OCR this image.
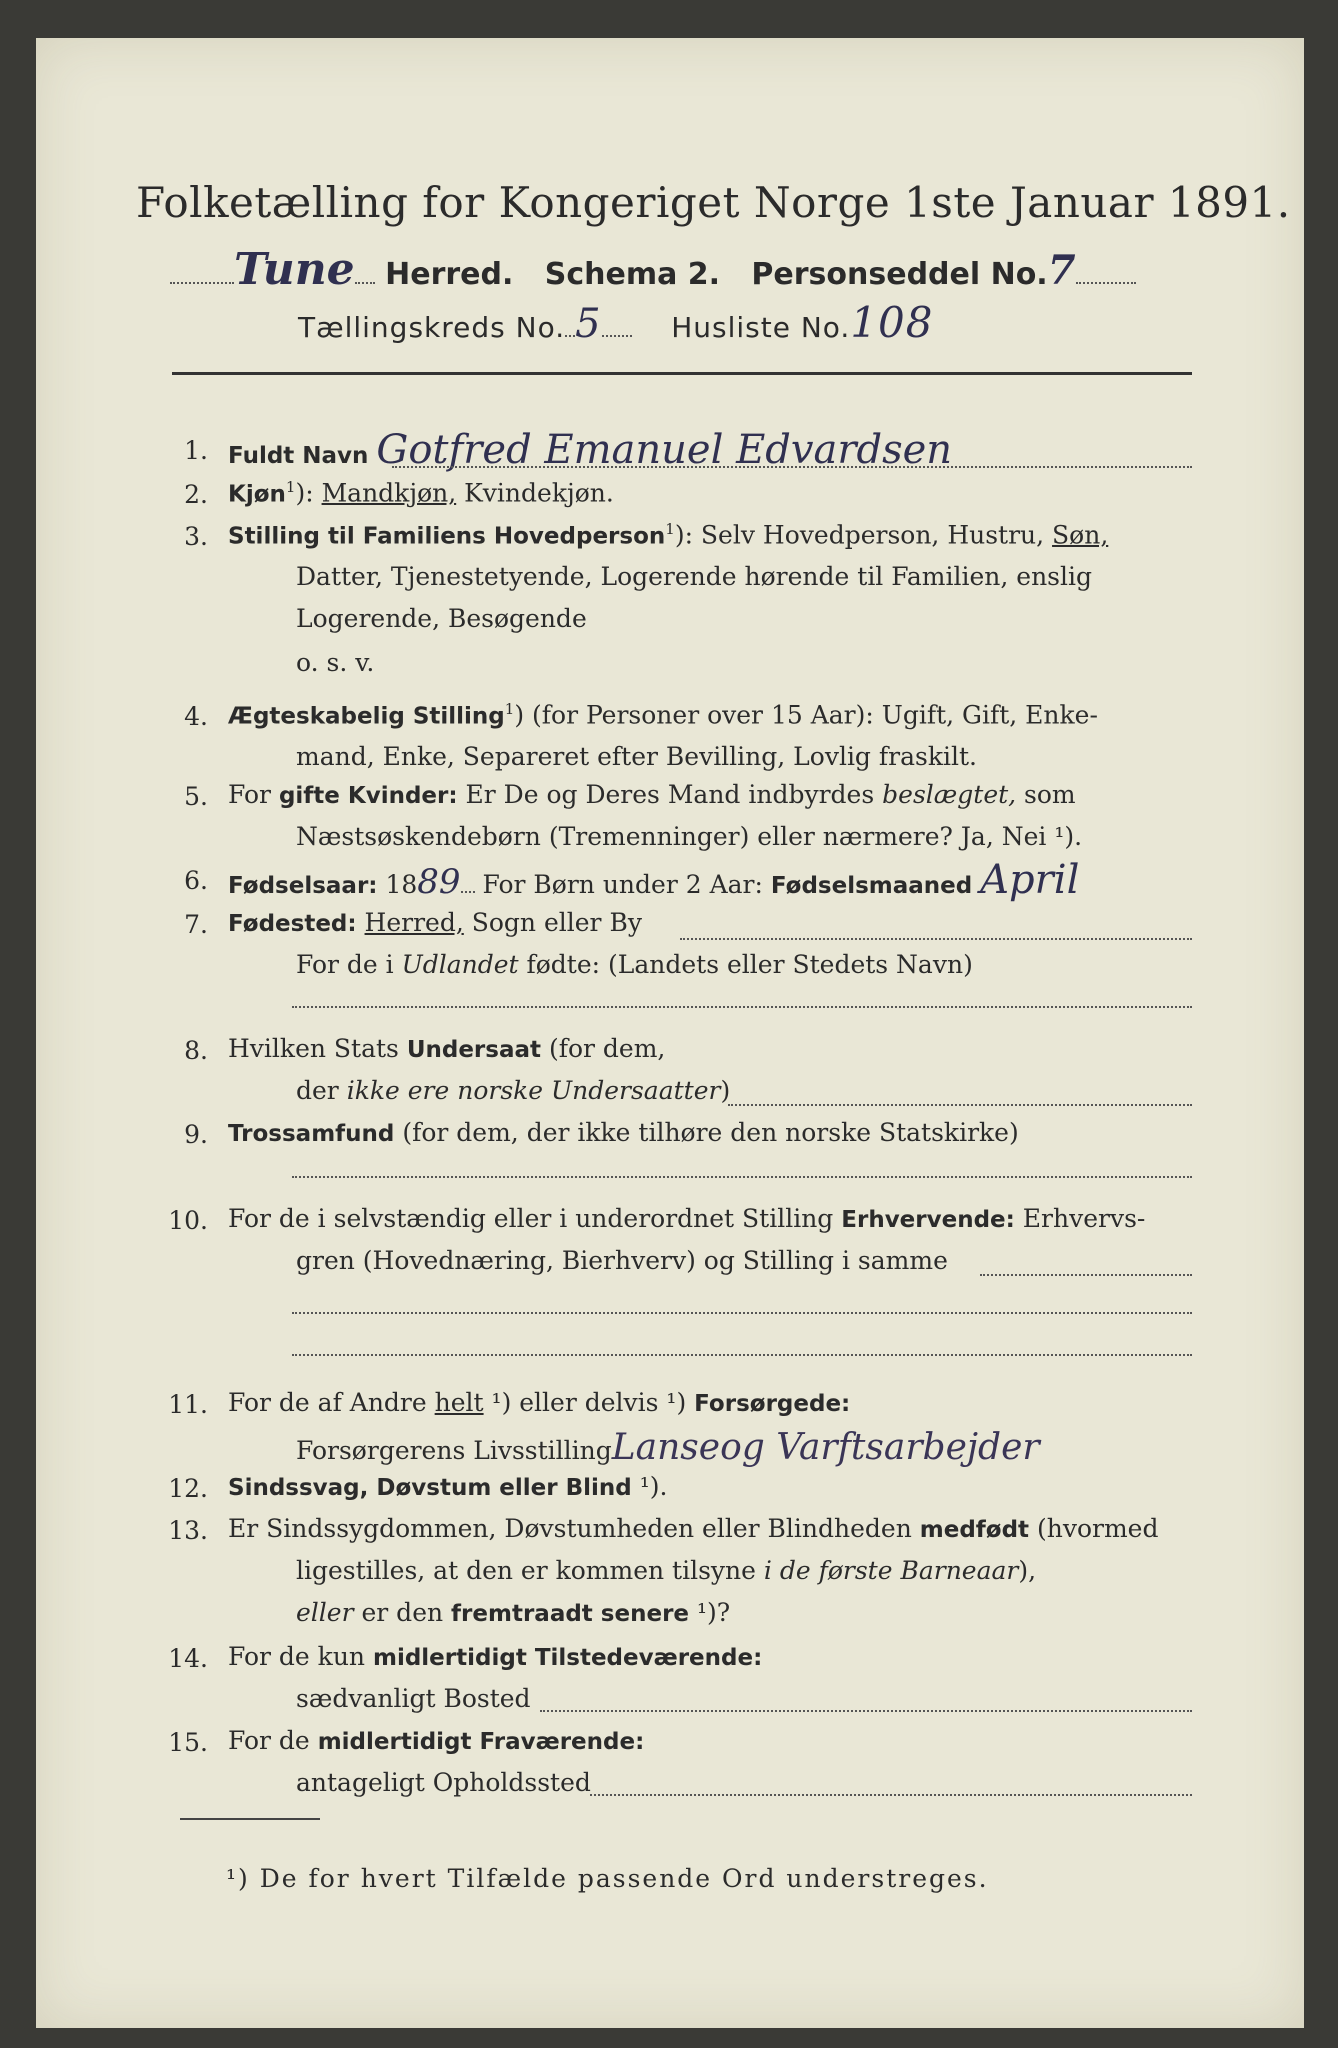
Folketælling for Kongeriget Norge 1ste Januar 1891.
Tune Herred. Schema 2. Personseddel No.7
Tællingskreds No. 5 Husliste No.108
1. Fuldt Navn Gotfred Emanuel Edvardsen
2. Kjøn$^1$): Mandkjøn, Kvindekjøn.
3. Stilling til Familiens Hovedperson$^1$): Selv Hovedperson, Hustru, Søn,
Datter, Tjenestetyende, Logerende hørende til Familien, enslig
Logerende, Besøgende
o. s. v.
4. Ægteskabelig Stilling$^1$) (for Personer over 15 Aar): Ugift, Gift, Enke-
mand, Enke, Separeret efter Bevilling, Lovlig fraskilt.
5. For gifte Kvinder: Er De og Deres Mand indbyrdes beslægtet, som
Næstsøskendebørn (Tremenninger) eller nærmere? Ja, Nei ¹).
6. Fødselsaar: 1889 For Børn under 2 Aar: Fødselsmaaned April
7. Fødested: Herred, Sogn eller By
For de i Udlandet fødte: (Landets eller Stedets Navn)
8. Hvilken Stats Undersaat (for dem,
der ikke ere norske Undersaatter)
9. Trossamfund (for dem, der ikke tilhøre den norske Statskirke)
10. For de i selvstændig eller i underordnet Stilling Erhvervende: Erhvervs-
gren (Hovednæring, Bierhverv) og Stilling i samme
11. For de af Andre helt ¹) eller delvis ¹) Forsørgede:
Forsørgerens LivsstillingLanseog Varftsarbejder
12. Sindssvag, Døvstum eller Blind ¹).
13. Er Sindssygdommen, Døvstumheden eller Blindheden medfødt (hvormed
ligestilles, at den er kommen tilsyne i de første Barneaar),
eller er den fremtraadt senere ¹)?
14. For de kun midlertidigt Tilstedeværende:
sædvanligt Bosted
15. For de midlertidigt Fraværende:
antageligt Opholdssted
¹) De for hvert Tilfælde passende Ord understreges.
